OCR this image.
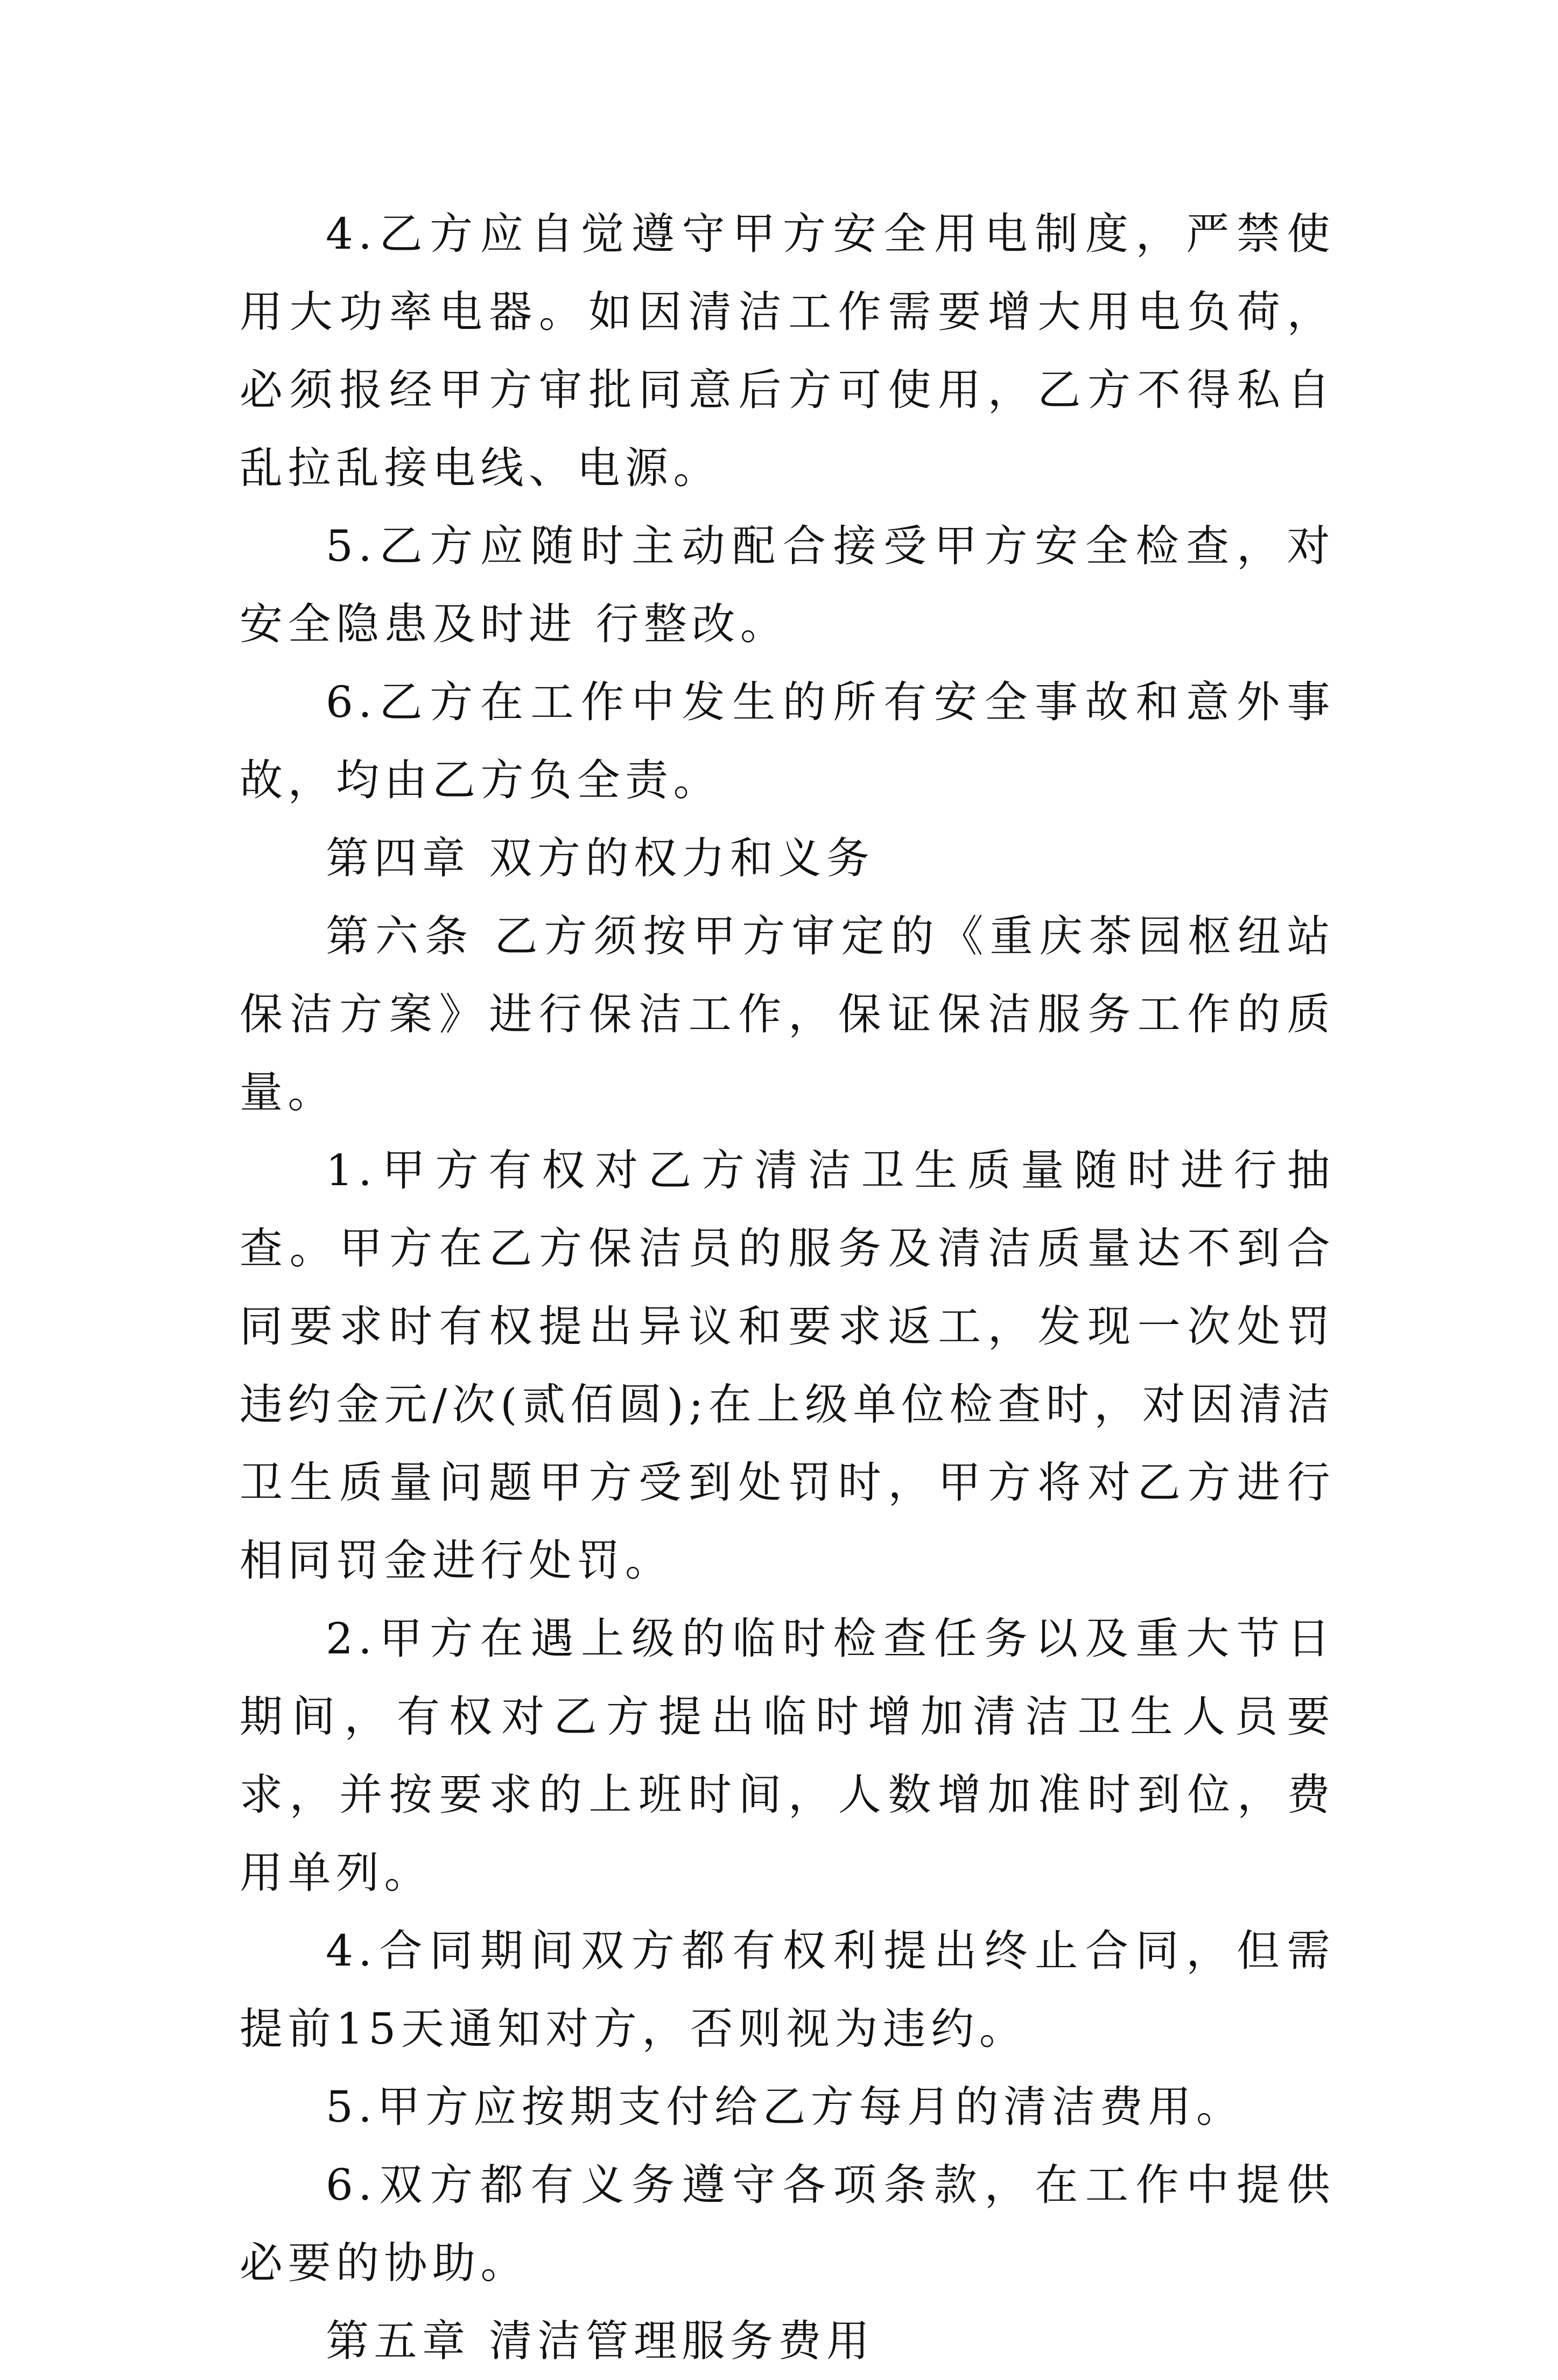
4.乙方应自觉遵守甲方安全用电制度，严禁使用大功率电器。如因清洁工作需要增大用电负荷，必须报经甲方审批同意后方可使用，乙方不得私自乱拉乱接电线、电源。

5.乙方应随时主动配合接受甲方安全检查，对安全隐患及时进 行整改。

6.乙方在工作中发生的所有安全事故和意外事故，均由乙方负全责。

第四章 双方的权力和义务

第六条 乙方须按甲方审定的《重庆茶园枢纽站保洁方案》进行保洁工作，保证保洁服务工作的质量。

1.甲方有权对乙方清洁卫生质量随时进行抽查。甲方在乙方保洁员的服务及清洁质量达不到合同要求时有权提出异议和要求返工，发现一次处罚违约金元/次(贰佰圆);在上级单位检查时，对因清洁卫生质量问题甲方受到处罚时，甲方将对乙方进行相同罚金进行处罚。

2.甲方在遇上级的临时检查任务以及重大节日期间，有权对乙方提出临时增加清洁卫生人员要求，并按要求的上班时间，人数增加准时到位，费用单列。

4.合同期间双方都有权利提出终止合同，但需提前15天通知对方，否则视为违约。

5.甲方应按期支付给乙方每月的清洁费用。

6.双方都有义务遵守各项条款，在工作中提供必要的协助。

第五章 清洁管理服务费用
